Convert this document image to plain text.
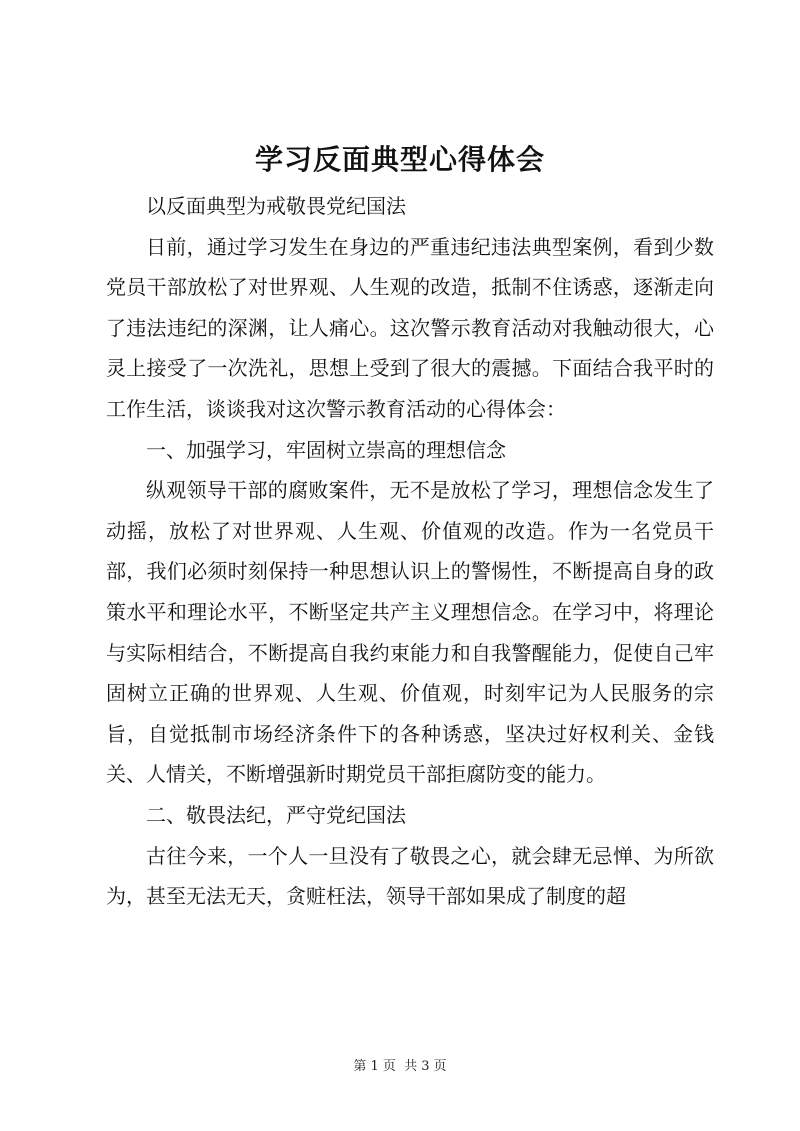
学习反面典型心得体会

以反面典型为戒敬畏党纪国法

日前，通过学习发生在身边的严重违纪违法典型案例，看到少数党员干部放松了对世界观、人生观的改造，抵制不住诱惑，逐渐走向了违法违纪的深渊，让人痛心。这次警示教育活动对我触动很大，心灵上接受了一次洗礼，思想上受到了很大的震撼。下面结合我平时的工作生活，谈谈我对这次警示教育活动的心得体会：

一、加强学习，牢固树立崇高的理想信念

纵观领导干部的腐败案件，无不是放松了学习，理想信念发生了动摇，放松了对世界观、人生观、价值观的改造。作为一名党员干部，我们必须时刻保持一种思想认识上的警惕性，不断提高自身的政策水平和理论水平，不断坚定共产主义理想信念。在学习中，将理论与实际相结合，不断提高自我约束能力和自我警醒能力，促使自己牢固树立正确的世界观、人生观、价值观，时刻牢记为人民服务的宗旨，自觉抵制市场经济条件下的各种诱惑，坚决过好权利关、金钱关、人情关，不断增强新时期党员干部拒腐防变的能力。

二、敬畏法纪，严守党纪国法

古往今来，一个人一旦没有了敬畏之心，就会肆无忌惮、为所欲为，甚至无法无天，贪赃枉法，领导干部如果成了制度的超

第 1 页  共 3 页
